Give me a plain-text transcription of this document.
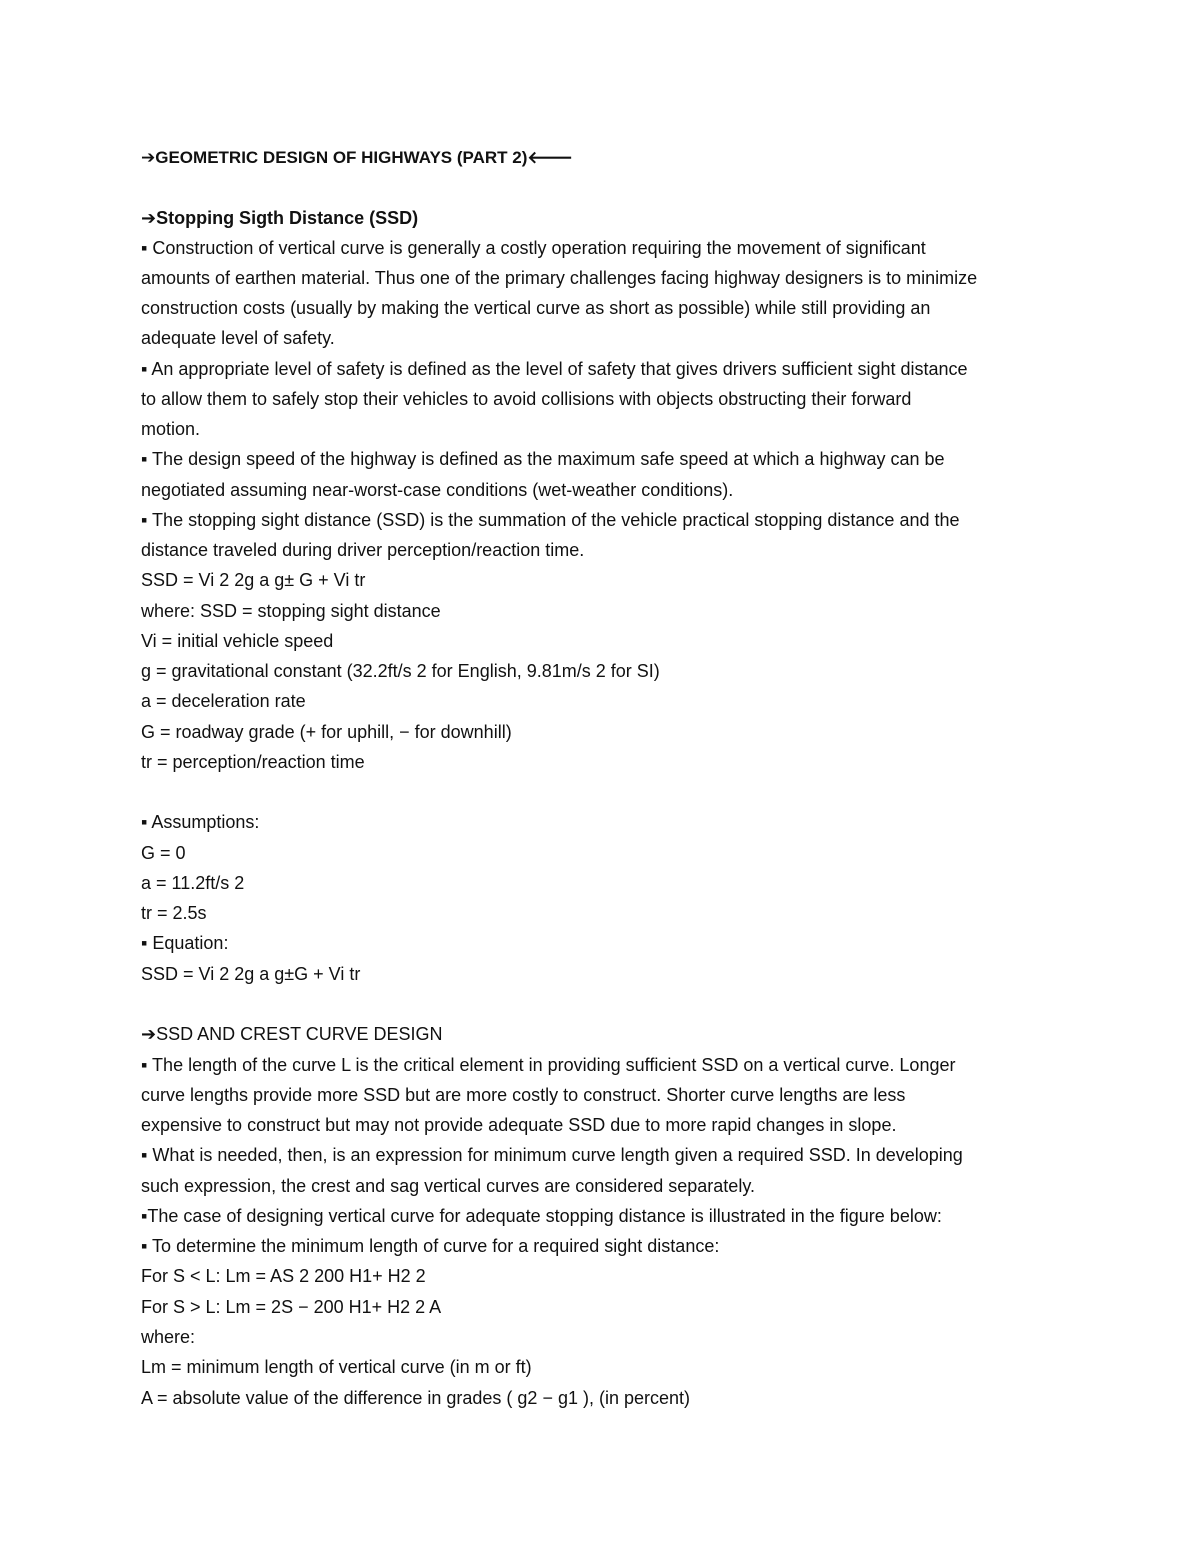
➔GEOMETRIC DESIGN OF HIGHWAYS (PART 2)🡐
➔Stopping Sigth Distance (SSD)
▪ Construction of vertical curve is generally a costly operation requiring the movement of significant
amounts of earthen material. Thus one of the primary challenges facing highway designers is to minimize
construction costs (usually by making the vertical curve as short as possible) while still providing an
adequate level of safety.
▪ An appropriate level of safety is defined as the level of safety that gives drivers sufficient sight distance
to allow them to safely stop their vehicles to avoid collisions with objects obstructing their forward
motion.
▪ The design speed of the highway is defined as the maximum safe speed at which a highway can be
negotiated assuming near-worst-case conditions (wet-weather conditions).
▪ The stopping sight distance (SSD) is the summation of the vehicle practical stopping distance and the
distance traveled during driver perception/reaction time.
SSD = Vi 2 2g a g± G + Vi tr
where: SSD = stopping sight distance
Vi = initial vehicle speed
g = gravitational constant (32.2ft/s 2 for English, 9.81m/s 2 for SI)
a = deceleration rate
G = roadway grade (+ for uphill, − for downhill)
tr = perception/reaction time
▪ Assumptions:
G = 0
a = 11.2ft/s 2
tr = 2.5s
▪ Equation:
SSD = Vi 2 2g a g±G + Vi tr
➔SSD AND CREST CURVE DESIGN
▪ The length of the curve L is the critical element in providing sufficient SSD on a vertical curve. Longer
curve lengths provide more SSD but are more costly to construct. Shorter curve lengths are less
expensive to construct but may not provide adequate SSD due to more rapid changes in slope.
▪ What is needed, then, is an expression for minimum curve length given a required SSD. In developing
such expression, the crest and sag vertical curves are considered separately.
▪The case of designing vertical curve for adequate stopping distance is illustrated in the figure below:
▪ To determine the minimum length of curve for a required sight distance:
For S < L: Lm = AS 2 200 H1+ H2 2
For S > L: Lm = 2S − 200 H1+ H2 2 A
where:
Lm = minimum length of vertical curve (in m or ft)
A = absolute value of the difference in grades ( g2 − g1 ), (in percent)
